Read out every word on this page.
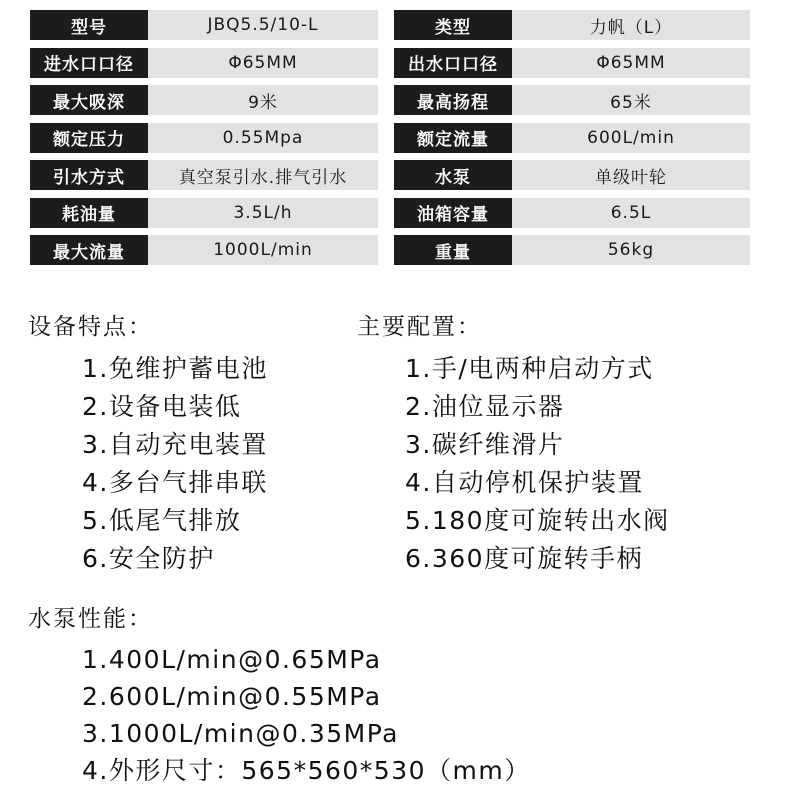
型号	JBQ5.5/10-L	类型	力帆（L）
进水口口径	Φ65MM	出水口口径	Φ65MM
最大吸深	9米	最高扬程	65米
额定压力	0.55Mpa	额定流量	600L/min
引水方式	真空泵引水.排气引水	水泵	单级叶轮
耗油量	3.5L/h	油箱容量	6.5L
最大流量	1000L/min	重量	56kg
设备特点：	主要配置：
1.免维护蓄电池
2.设备电装低
3.自动充电装置
4.多台气排串联
5.低尾气排放
6.安全防护
1.手/电两种启动方式
2.油位显示器
3.碳纤维滑片
4.自动停机保护装置
5.180度可旋转出水阀
6.360度可旋转手柄
水泵性能：
1.400L/min@0.65MPa
2.600L/min@0.55MPa
3.1000L/min@0.35MPa
4.外形尺寸：565*560*530（mm）
